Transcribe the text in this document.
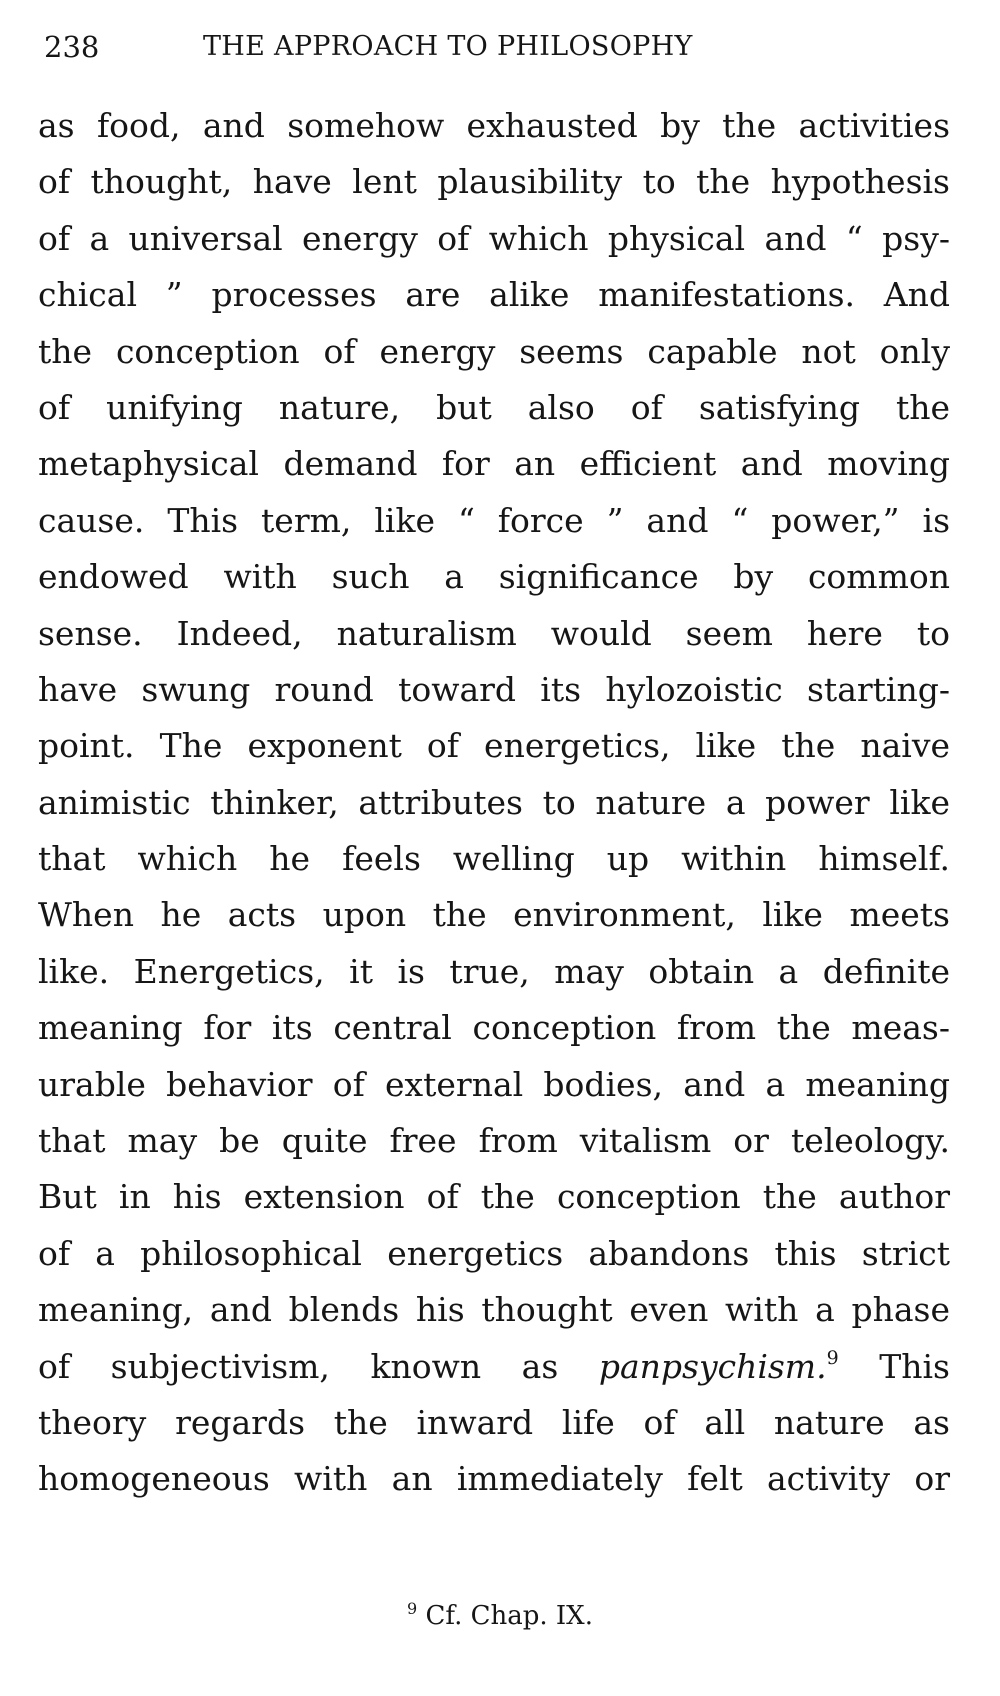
238	THE APPROACH TO PHILOSOPHY
as food, and somehow exhausted by the activities
of thought, have lent plausibility to the hypothesis
of a universal energy of which physical and “ psy-
chical ” processes are alike manifestations. And
the conception of energy seems capable not only
of unifying nature, but also of satisfying the
metaphysical demand for an efficient and moving
cause. This term, like “ force ” and “ power,” is
endowed with such a significance by common
sense. Indeed, naturalism would seem here to
have swung round toward its hylozoistic starting-
point. The exponent of energetics, like the naive
animistic thinker, attributes to nature a power like
that which he feels welling up within himself.
When he acts upon the environment, like meets
like. Energetics, it is true, may obtain a definite
meaning for its central conception from the meas-
urable behavior of external bodies, and a meaning
that may be quite free from vitalism or teleology.
But in his extension of the conception the author
of a philosophical energetics abandons this strict
meaning, and blends his thought even with a phase
of subjectivism, known as panpsychism.$^9$ This
theory regards the inward life of all nature as
homogeneous with an immediately felt activity or
$^9$ Cf. Chap. IX.
